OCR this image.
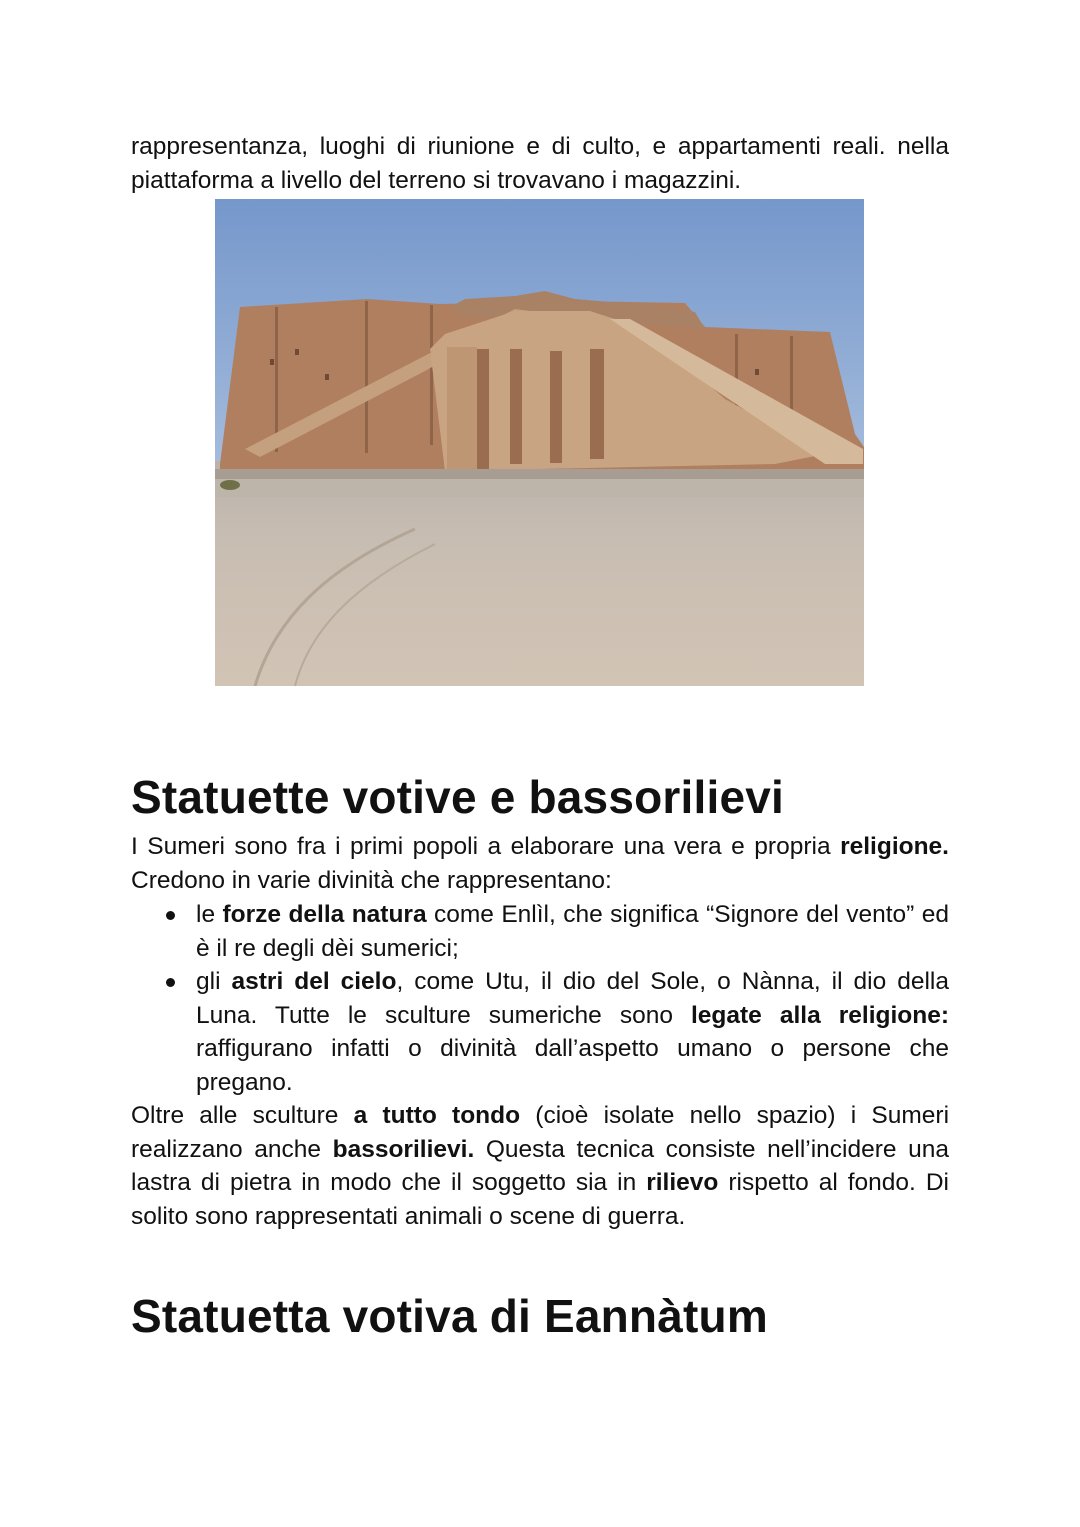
rappresentanza, luoghi di riunione e di culto, e appartamenti reali. nella piattaforma a livello del terreno si trovavano i magazzini.

Statuette votive e bassorilievi

I Sumeri sono fra i primi popoli a elaborare una vera e propria religione. Credono in varie divinità che rappresentano:

le forze della natura come Enlìl, che significa “Signore del vento” ed è il re degli dèi sumerici;
gli astri del cielo, come Utu, il dio del Sole, o Nànna, il dio della Luna. Tutte le sculture sumeriche sono legate alla religione: raffigurano infatti o divinità dall’aspetto umano o persone che pregano.

Oltre alle sculture a tutto tondo (cioè isolate nello spazio) i Sumeri realizzano anche bassorilievi. Questa tecnica consiste nell’incidere una lastra di pietra in modo che il soggetto sia in rilievo rispetto al fondo. Di solito sono rappresentati animali o scene di guerra.

Statuetta votiva di Eannàtum
